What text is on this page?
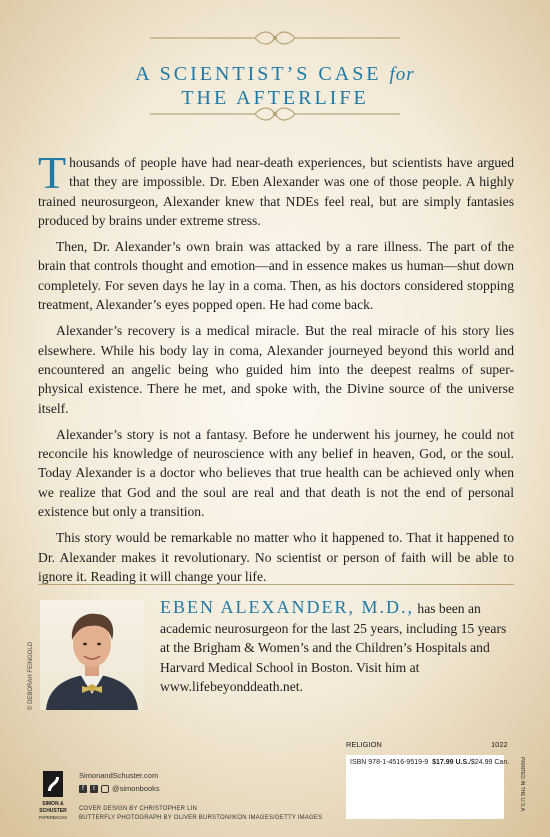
A SCIENTIST’S CASE for
THE AFTERLIFE

Thousands of people have had near-death experiences, but scientists have argued that they are impossible. Dr. Eben Alexander was one of those people. A highly trained neurosurgeon, Alexander knew that NDEs feel real, but are simply fantasies produced by brains under extreme stress.

Then, Dr. Alexander’s own brain was attacked by a rare illness. The part of the brain that controls thought and emotion—and in essence makes us human—shut down completely. For seven days he lay in a coma. Then, as his doctors considered stopping treatment, Alexander’s eyes popped open. He had come back.

Alexander’s recovery is a medical miracle. But the real miracle of his story lies elsewhere. While his body lay in coma, Alexander journeyed beyond this world and encountered an angelic being who guided him into the deepest realms of super-physical existence. There he met, and spoke with, the Divine source of the universe itself.

Alexander’s story is not a fantasy. Before he underwent his journey, he could not reconcile his knowledge of neuroscience with any belief in heaven, God, or the soul. Today Alexander is a doctor who believes that true health can be achieved only when we realize that God and the soul are real and that death is not the end of personal existence but only a transition.

This story would be remarkable no matter who it happened to. That it happened to Dr. Alexander makes it revolutionary. No scientist or person of faith will be able to ignore it. Reading it will change your life.

© DEBORAH FEINGOLD
EBEN ALEXANDER, M.D., has been an academic neurosurgeon for the last 25 years, including 15 years at the Brigham & Women’s and the Children’s Hospitals and Harvard Medical School in Boston. Visit him at www.lifebeyonddeath.net.
RELIGION	1022
ISBN 978-1-4516-9519-9 $17.99 U.S./$24.99 Can. PRINTED IN THE U.S.A.
SIMON &
SCHUSTER
PAPERBACKS
SimonandSchuster.com
f	t	@simonbooks
COVER DESIGN BY CHRISTOPHER LIN
BUTTERFLY PHOTOGRAPH BY OLIVER BURSTON/IKON IMAGES/GETTY IMAGES
